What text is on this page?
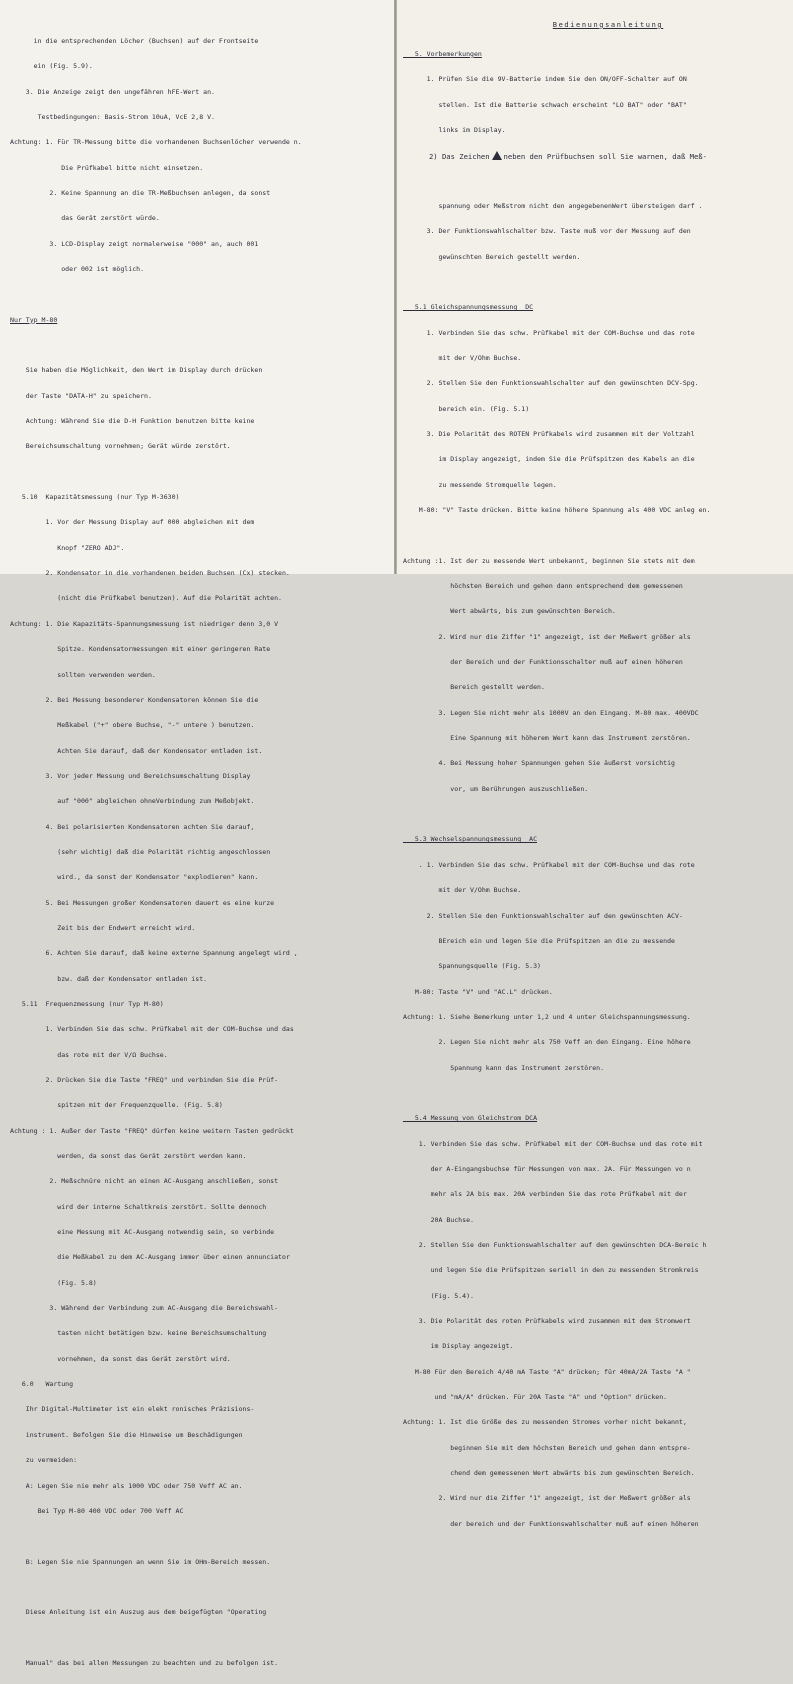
in die entsprechenden Löcher (Buchsen) auf der Frontseite

ein (Fig. 5.9).

3. Die Anzeige zeigt den ungefähren hFE-Wert an.

Testbedingungen: Basis-Strom 10uA, VcE 2,8 V.

Achtung: 1. Für TR-Messung bitte die vorhandenen Buchsenlöcher verwende n.

Die Prüfkabel bitte nicht einsetzen.

2. Keine Spannung an die TR-Meßbuchsen anlegen, da sonst

das Gerät zerstört würde.

3. LCD-Display zeigt normalerweise "000" an, auch 001

oder 002 ist möglich.

Nur Typ M-80

Sie haben die Möglichkeit, den Wert im Display durch drücken

der Taste "DATA-H" zu speichern.

Achtung: Während Sie die D-H Funktion benutzen bitte keine

Bereichsumschaltung vornehmen; Gerät würde zerstört.

5.10  Kapazitätsmessung (nur Typ M-3630)

1. Vor der Messung Display auf 000 abgleichen mit dem

Knopf "ZERO ADJ".

2. Kondensator in die vorhandenen beiden Buchsen (Cx) stecken.

(nicht die Prüfkabel benutzen). Auf die Polarität achten.

Achtung: 1. Die Kapazitäts-Spannungsmessung ist niedriger denn 3,0 V

Spitze. Kondensatormessungen mit einer geringeren Rate

sollten verwenden werden.

2. Bei Messung besonderer Kondensatoren können Sie die

Meßkabel ("+" obere Buchse, "-" untere ) benutzen.

Achten Sie darauf, daß der Kondensator entladen ist.

3. Vor jeder Messung und Bereichsumschaltung Display

auf "000" abgleichen ohneVerbindung zum Meßobjekt.

4. Bei polarisierten Kondensatoren achten Sie darauf,

(sehr wichtig) daß die Polarität richtig angeschlossen

wird., da sonst der Kondensator "explodieren" kann.

5. Bei Messungen großer Kondensatoren dauert es eine kurze

Zeit bis der Endwert erreicht wird.

6. Achten Sie darauf, daß keine externe Spannung angelegt wird ,

bzw. daß der Kondensator entladen ist.

5.11  Frequenzmessung (nur Typ M-80)

1. Verbinden Sie das schw. Prüfkabel mit der COM-Buchse und das

das rote mit der V/Ω Buchse.

2. Drücken Sie die Taste "FREQ" und verbinden Sie die Prüf-

spitzen mit der Frequenzquelle. (Fig. 5.8)

Achtung : 1. Außer der Taste "FREQ" dürfen keine weitern Tasten gedrückt

werden, da sonst das Gerät zerstört werden kann.

2. Meßschnüre nicht an einen AC-Ausgang anschließen, sonst

wird der interne Schaltkreis zerstört. Sollte dennoch

eine Messung mit AC-Ausgang notwendig sein, so verbinde

die Meßkabel zu dem AC-Ausgang immer über einen annunciator

(Fig. 5.8)

3. Während der Verbindung zum AC-Ausgang die Bereichswahl-

tasten nicht betätigen bzw. keine Bereichsumschaltung

vornehmen, da sonst das Gerät zerstört wird.

6.0   Wartung

Ihr Digital-Multimeter ist ein elekt ronisches Präzisions-

instrument. Befolgen Sie die Hinweise um Beschädigungen

zu vermeiden:

A: Legen Sie nie mehr als 1000 VDC oder 750 Veff AC an.

Bei Typ M-80 400 VDC oder 700 Veff AC

B: Legen Sie nie Spannungen an wenn Sie im OHm-Bereich messen.

Diese Anleitung ist ein Auszug aus dem beigefügten "Operating

Manual" das bei allen Messungen zu beachten und zu befolgen ist.

Bedienungsanleitung

5. Vorbemerkungen

1. Prüfen Sie die 9V-Batterie indem Sie den ON/OFF-Schalter auf ON

stellen. Ist die Batterie schwach erscheint "LO BAT" oder "BAT"

links im Display.

2) Das Zeichen neben den Prüfbuchsen soll Sie warnen, daß Meß-

spannung oder Meßstrom nicht den angegebenenWert übersteigen darf .

3. Der Funktionswahlschalter bzw. Taste muß vor der Messung auf den

gewünschten Bereich gestellt werden.

5.1 Gleichspannungsmessung  DC

1. Verbinden Sie das schw. Prüfkabel mit der COM-Buchse und das rote

mit der V/Ohm Buchse.

2. Stellen Sie den Funktionswahlschalter auf den gewünschten DCV-Spg.

bereich ein. (Fig. 5.1)

3. Die Polarität des ROTEN Prüfkabels wird zusammen mit der Voltzahl

im Display angezeigt, indem Sie die Prüfspitzen des Kabels an die

zu messende Stromquelle legen.

M-80: "V" Taste drücken. Bitte keine höhere Spannung als 400 VDC anleg en.

Achtung :1. Ist der zu messende Wert unbekannt, beginnen Sie stets mit dem

höchsten Bereich und gehen dann entsprechend dem gemessenen

Wert abwärts, bis zum gewünschten Bereich.

2. Wird nur die Ziffer "1" angezeigt, ist der Meßwert größer als

der Bereich und der Funktionsschalter muß auf einen höheren

Bereich gestellt werden.

3. Legen Sie nicht mehr als 1000V an den Eingang. M-80 max. 400VDC

Eine Spannung mit höherem Wert kann das Instrument zerstören.

4. Bei Messung hoher Spannungen gehen Sie äußerst vorsichtig

vor, um Berührungen auszuschließen.

5.3 Wechselspannungsmessung  AC

. 1. Verbinden Sie das schw. Prüfkabel mit der COM-Buchse und das rote

mit der V/Ohm Buchse.

2. Stellen Sie den Funktionswahlschalter auf den gewünschten ACV-

BEreich ein und legen Sie die Prüfspitzen an die zu messende

Spannungsquelle (Fig. 5.3)

M-80: Taste "V" und "AC.L" drücken.

Achtung: 1. Siehe Bemerkung unter 1,2 und 4 unter Gleichspannungsmessung.

2. Legen Sie nicht mehr als 750 Veff an den Eingang. Eine höhere

Spannung kann das Instrument zerstören.

5.4 Messung von Gleichstrom DCA

1. Verbinden Sie das schw. Prüfkabel mit der COM-Buchse und das rote mit

der A-Eingangsbuchse für Messungen von max. 2A. Für Messungen vo n

mehr als 2A bis max. 20A verbinden Sie das rote Prüfkabel mit der

20A Buchse.

2. Stellen Sie den Funktionswahlschalter auf den gewünschten DCA-Bereic h

und legen Sie die Prüfspitzen seriell in den zu messenden Stromkreis

(Fig. 5.4).

3. Die Polarität des roten Prüfkabels wird zusammen mit dem Stromwert

im Display angezeigt.

M-80 Für den Bereich 4/40 mA Taste "A" drücken; für 40mA/2A Taste "A "

und "mA/A" drücken. Für 20A Taste "A" und "Option" drücken.

Achtung: 1. Ist die Größe des zu messenden Stromes vorher nicht bekannt,

beginnen Sie mit dem höchsten Bereich und gehen dann entspre-

chend dem gemessenen Wert abwärts bis zum gewünschten Bereich.

2. Wird nur die Ziffer "1" angezeigt, ist der Meßwert größer als

der bereich und der Funktionswahlschalter muß auf einen höheren
